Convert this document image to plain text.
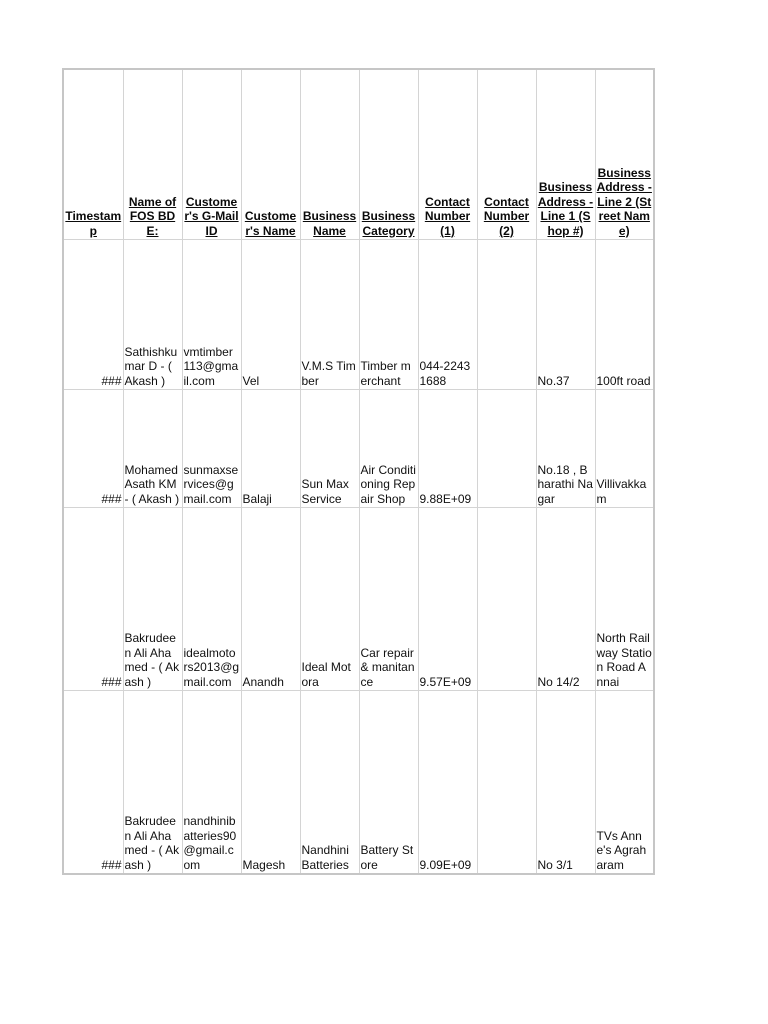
Timestamp	Name of FOS BDE:	Customer's G-Mail ID	Customer's Name	Business Name	Business Category	Contact Number (1)	Contact Number (2)	Business Address - Line 1 (Shop #)	Business Address - Line 2 (Street Name)
###	Sathishkumar D - ( Akash )	vmtimber113@gmail.com	Vel	V.M.S Timber	Timber merchant	044-22431688		No.37	100ft road
###	Mohamed Asath KM - ( Akash )	sunmaxservices@gmail.com	Balaji	Sun Max Service	Air Conditioning Repair Shop	9.88E+09		No.18 , Bharathi Nagar	Villivakkam
###	Bakrudeen Ali Ahamed - ( Akash )	idealmotors2013@gmail.com	Anandh	Ideal Motora	Car repair & manitance	9.57E+09		No 14/2	North Railway Station Road Annai
###	Bakrudeen Ali Ahamed - ( Akash )	nandhinibatteries90@gmail.com	Magesh	Nandhini Batteries	Battery Store	9.09E+09		No 3/1	TVs Anne's Agraharam
